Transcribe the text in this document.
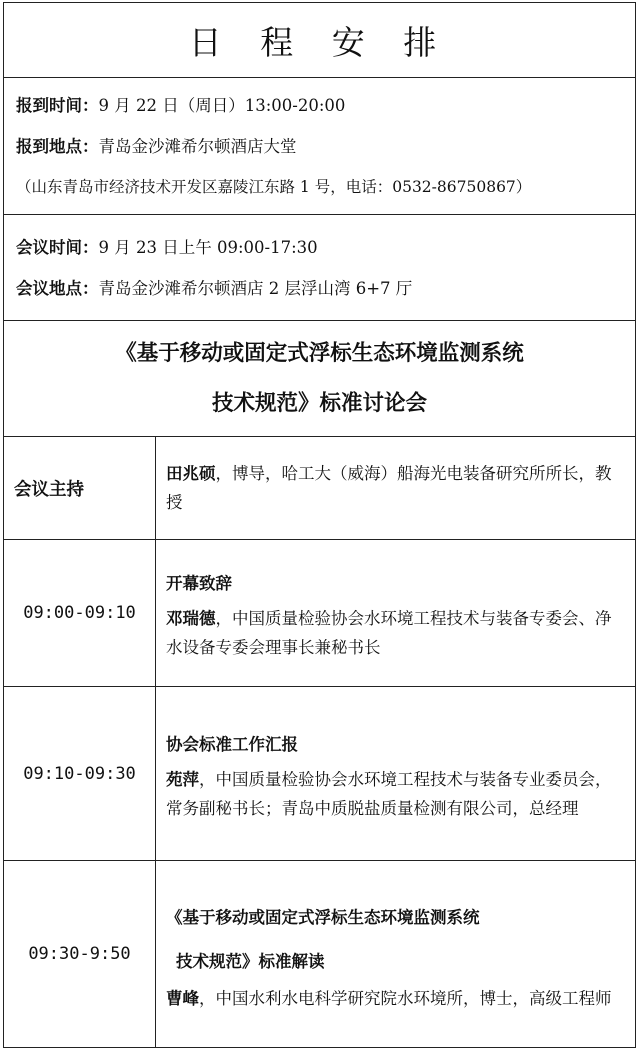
日 程 安 排	

报到时间：9 月 22 日（周日）13:00-20:00
报到地点：青岛金沙滩希尔顿酒店大堂
（山东青岛市经济技术开发区嘉陵江东路 1 号，电话：0532-86750867）	

会议时间：9 月 23 日上午 09:00-17:30
会议地点：青岛金沙滩希尔顿酒店 2 层浮山湾 6+7 厅	

《基于移动或固定式浮标生态环境监测系统
技术规范》标准讨论会	

会议主持	田兆硕，博导，哈工大（威海）船海光电装备研究所所长，教授
09:00-09:10	开幕致辞
邓瑞德，中国质量检验协会水环境工程技术与装备专委会、净水设备专委会理事长兼秘书长
09:10-09:30	协会标准工作汇报
苑萍，中国质量检验协会水环境工程技术与装备专业委员会，常务副秘书长；青岛中质脱盐质量检测有限公司，总经理
09:30-9:50	《基于移动或固定式浮标生态环境监测系统
技术规范》标准解读
曹峰，中国水利水电科学研究院水环境所，博士，高级工程师
